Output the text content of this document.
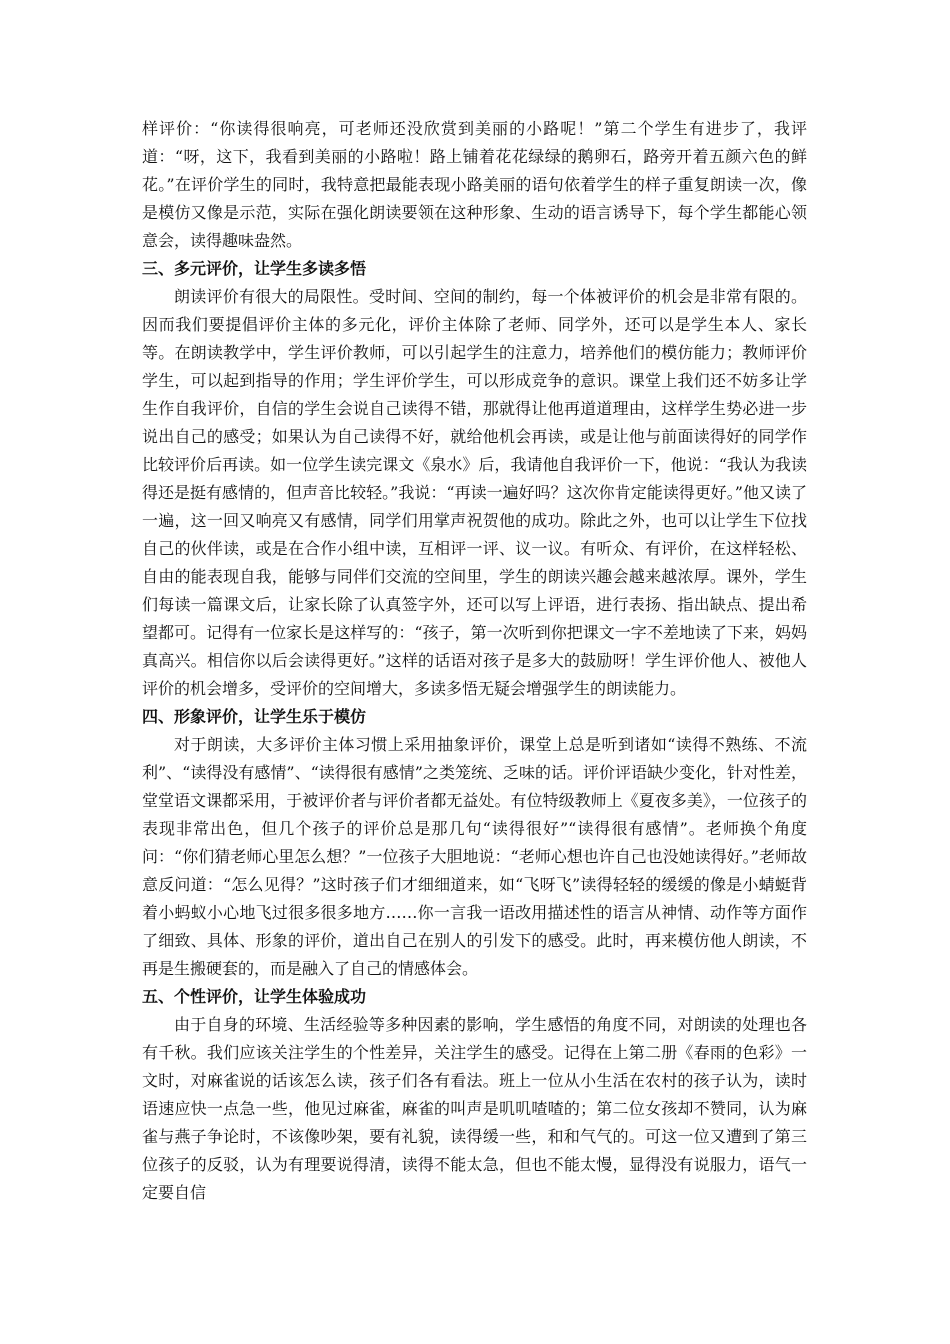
样评价：“你读得很响亮，可老师还没欣赏到美丽的小路呢！”第二个学生有进步了，我评道：“呀，这下，我看到美丽的小路啦！路上铺着花花绿绿的鹅卵石，路旁开着五颜六色的鲜花。”在评价学生的同时，我特意把最能表现小路美丽的语句依着学生的样子重复朗读一次，像是模仿又像是示范，实际在强化朗读要领在这种形象、生动的语言诱导下，每个学生都能心领意会，读得趣味盎然。

三、多元评价，让学生多读多悟

朗读评价有很大的局限性。受时间、空间的制约，每一个体被评价的机会是非常有限的。因而我们要提倡评价主体的多元化，评价主体除了老师、同学外，还可以是学生本人、家长等。在朗读教学中，学生评价教师，可以引起学生的注意力，培养他们的模仿能力；教师评价学生，可以起到指导的作用；学生评价学生，可以形成竞争的意识。课堂上我们还不妨多让学生作自我评价，自信的学生会说自己读得不错，那就得让他再道道理由，这样学生势必进一步说出自己的感受；如果认为自己读得不好，就给他机会再读，或是让他与前面读得好的同学作比较评价后再读。如一位学生读完课文《泉水》后，我请他自我评价一下，他说：“我认为我读得还是挺有感情的，但声音比较轻。”我说：“再读一遍好吗？这次你肯定能读得更好。”他又读了一遍，这一回又响亮又有感情，同学们用掌声祝贺他的成功。除此之外，也可以让学生下位找自己的伙伴读，或是在合作小组中读，互相评一评、议一议。有听众、有评价，在这样轻松、自由的能表现自我，能够与同伴们交流的空间里，学生的朗读兴趣会越来越浓厚。课外，学生们每读一篇课文后，让家长除了认真签字外，还可以写上评语，进行表扬、指出缺点、提出希望都可。记得有一位家长是这样写的：“孩子，第一次听到你把课文一字不差地读了下来，妈妈真高兴。相信你以后会读得更好。”这样的话语对孩子是多大的鼓励呀！学生评价他人、被他人评价的机会增多，受评价的空间增大，多读多悟无疑会增强学生的朗读能力。

四、形象评价，让学生乐于模仿

对于朗读，大多评价主体习惯上采用抽象评价，课堂上总是听到诸如“读得不熟练、不流利”、“读得没有感情”、“读得很有感情”之类笼统、乏味的话。评价评语缺少变化，针对性差，堂堂语文课都采用，于被评价者与评价者都无益处。有位特级教师上《夏夜多美》，一位孩子的表现非常出色，但几个孩子的评价总是那几句“读得很好”“读得很有感情”。老师换个角度问：“你们猜老师心里怎么想？”一位孩子大胆地说：“老师心想也许自己也没她读得好。”老师故意反问道：“怎么见得？”这时孩子们才细细道来，如“飞呀飞”读得轻轻的缓缓的像是小蜻蜓背着小蚂蚁小心地飞过很多很多地方……你一言我一语改用描述性的语言从神情、动作等方面作了细致、具体、形象的评价，道出自己在别人的引发下的感受。此时，再来模仿他人朗读，不再是生搬硬套的，而是融入了自己的情感体会。

五、个性评价，让学生体验成功

由于自身的环境、生活经验等多种因素的影响，学生感悟的角度不同，对朗读的处理也各有千秋。我们应该关注学生的个性差异，关注学生的感受。记得在上第二册《春雨的色彩》一文时，对麻雀说的话该怎么读，孩子们各有看法。班上一位从小生活在农村的孩子认为，读时语速应快一点急一些，他见过麻雀，麻雀的叫声是叽叽喳喳的；第二位女孩却不赞同，认为麻雀与燕子争论时，不该像吵架，要有礼貌，读得缓一些，和和气气的。可这一位又遭到了第三位孩子的反驳，认为有理要说得清，读得不能太急，但也不能太慢，显得没有说服力，语气一定要自信
